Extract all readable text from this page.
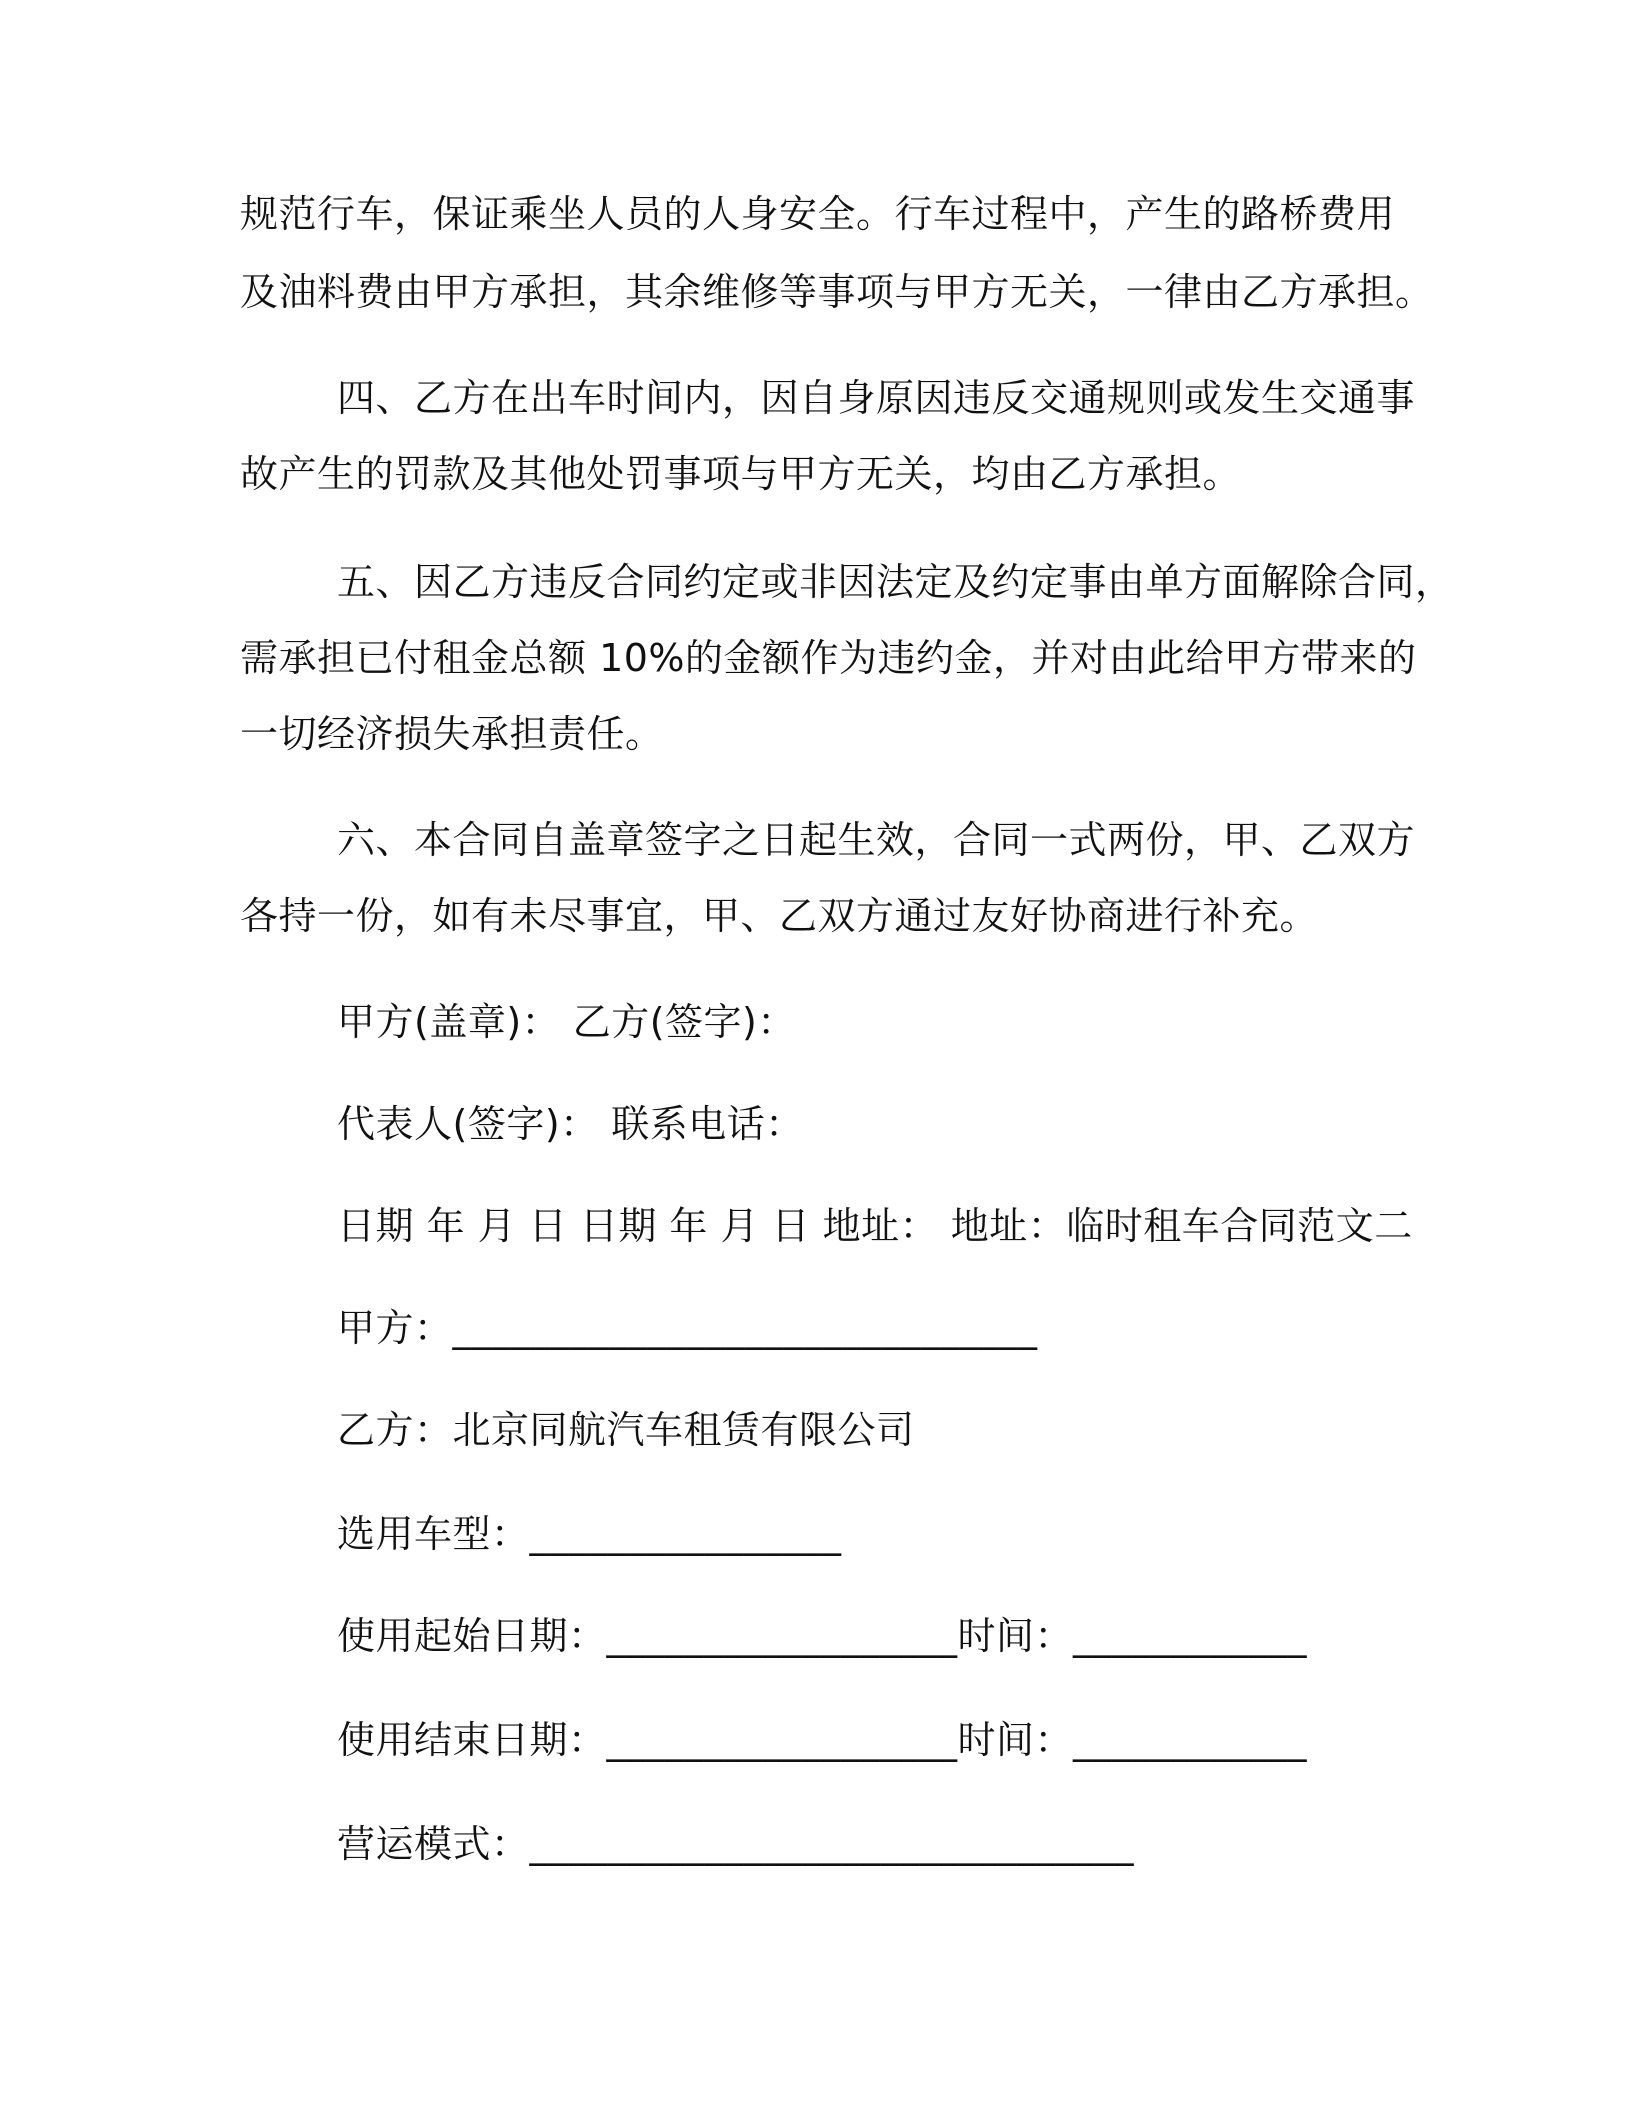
规范行车，保证乘坐人员的人身安全。行车过程中，产生的路桥费用
及油料费由甲方承担，其余维修等事项与甲方无关，一律由乙方承担。
四、乙方在出车时间内，因自身原因违反交通规则或发生交通事
故产生的罚款及其他处罚事项与甲方无关，均由乙方承担。
五、因乙方违反合同约定或非因法定及约定事由单方面解除合同，
需承担已付租金总额 10%的金额作为违约金，并对由此给甲方带来的
一切经济损失承担责任。
六、本合同自盖章签字之日起生效，合同一式两份，甲、乙双方
各持一份，如有未尽事宜，甲、乙双方通过友好协商进行补充。
甲方(盖章)： 乙方(签字)：
代表人(签字)： 联系电话：
日期 年 月 日 日期 年 月 日 地址： 地址：临时租车合同范文二
甲方：______________________________
乙方：北京同航汽车租赁有限公司
选用车型：________________
使用起始日期：__________________时间：____________
使用结束日期：__________________时间：____________
营运模式：_______________________________
